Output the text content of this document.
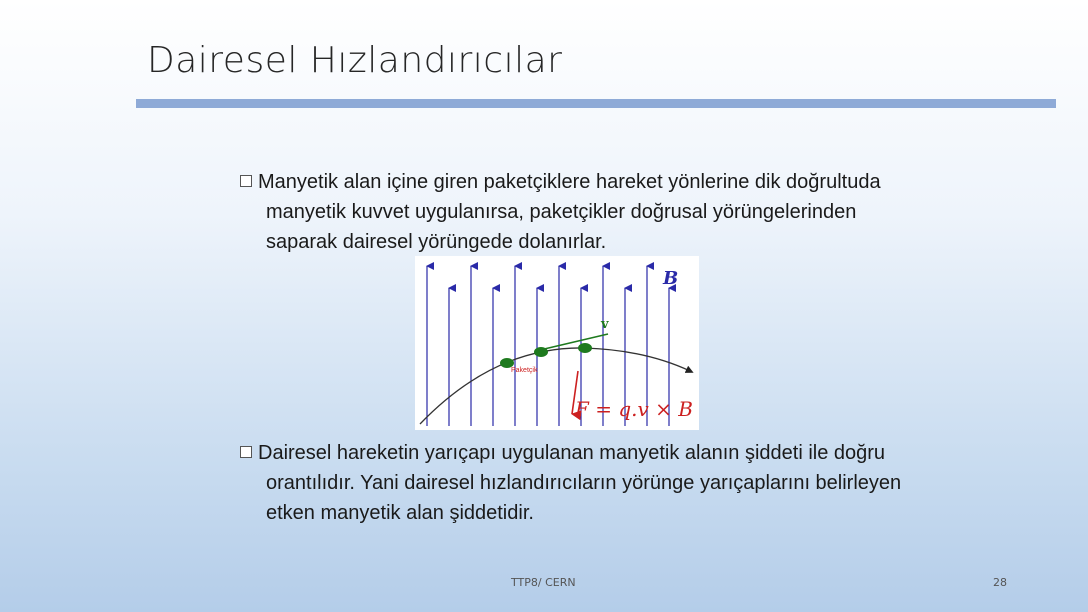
Dairesel Hızlandırıcılar
Manyetik alan içine giren paketçiklere hareket yönlerine dik doğrultuda manyetik kuvvet uygulanırsa, paketçikler doğrusal yörüngelerinden saparak dairesel yörüngede dolanırlar.
B
v
Paketçik
F = q.v × B
Dairesel hareketin yarıçapı uygulanan manyetik alanın şiddeti ile doğru orantılıdır. Yani dairesel hızlandırıcıların yörünge yarıçaplarını belirleyen etken manyetik alan şiddetidir.
TTP8/ CERN	28
